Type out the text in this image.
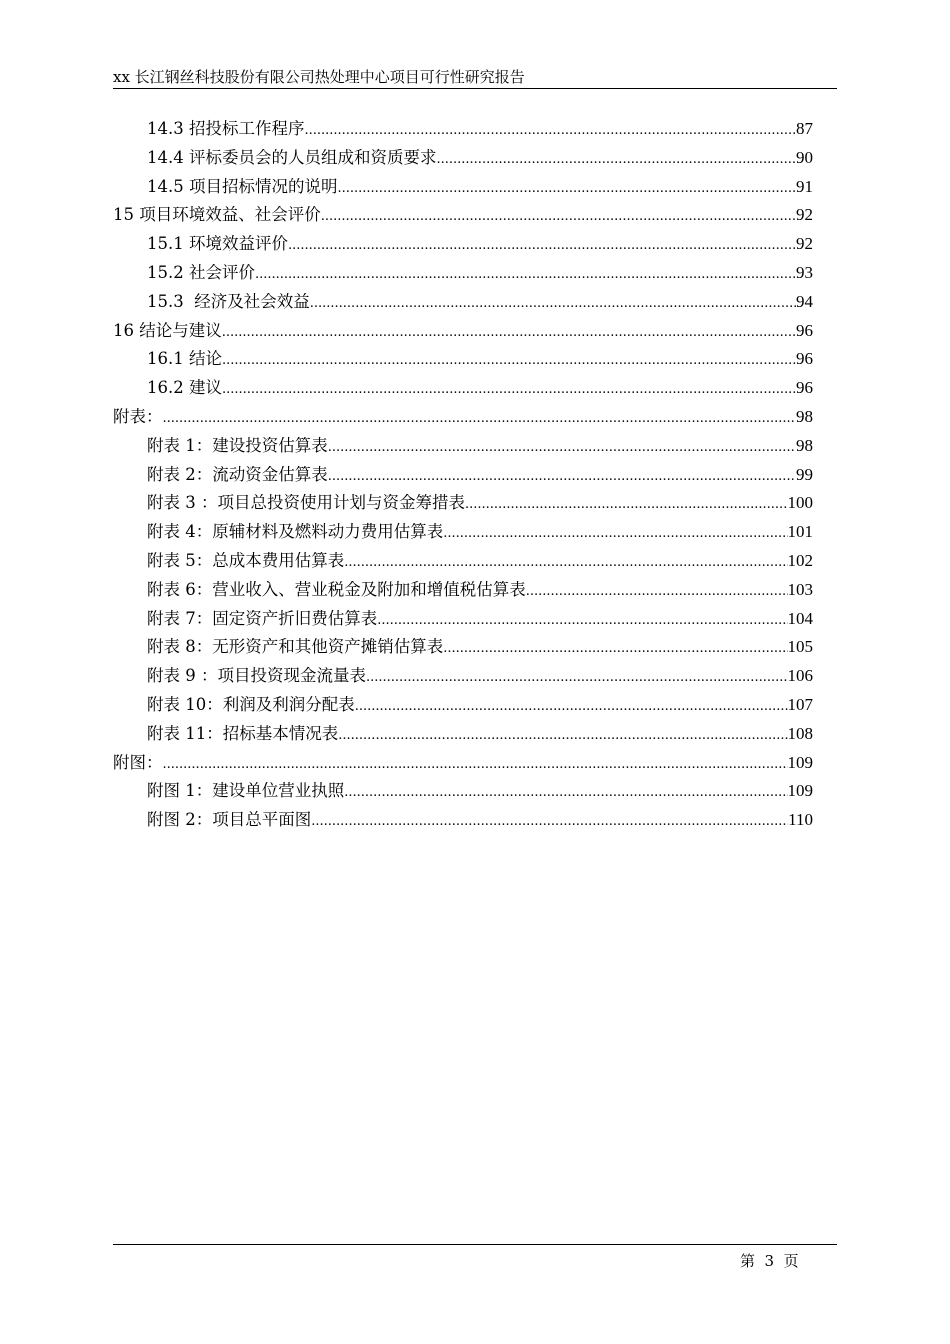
xx 长江钢丝科技股份有限公司热处理中心项目可行性研究报告
14.3 招投标工作程序 .....	87
14.4 评标委员会的人员组成和资质要求 .....	90
14.5 项目招标情况的说明 .....	91
15 项目环境效益、社会评价 .....	92
15.1 环境效益评价 .....	92
15.2 社会评价 .....	93
15.3  经济及社会效益 .....	94
16 结论与建议 .....	96
16.1 结论 .....	96
16.2 建议 .....	96
附表： .....	98
附表 1：建设投资估算表 .....	98
附表 2：流动资金估算表 .....	99
附表 3 ：项目总投资使用计划与资金筹措表 .....	100
附表 4：原辅材料及燃料动力费用估算表 .....	101
附表 5：总成本费用估算表 .....	102
附表 6：营业收入、营业税金及附加和增值税估算表 .....	103
附表 7：固定资产折旧费估算表 .....	104
附表 8：无形资产和其他资产摊销估算表 .....	105
附表 9 ：项目投资现金流量表 .....	106
附表 10：利润及利润分配表 .....	107
附表 11：招标基本情况表 .....	108
附图： .....	109
附图 1：建设单位营业执照 .....	109
附图 2：项目总平面图 .....	110
第  3  页
